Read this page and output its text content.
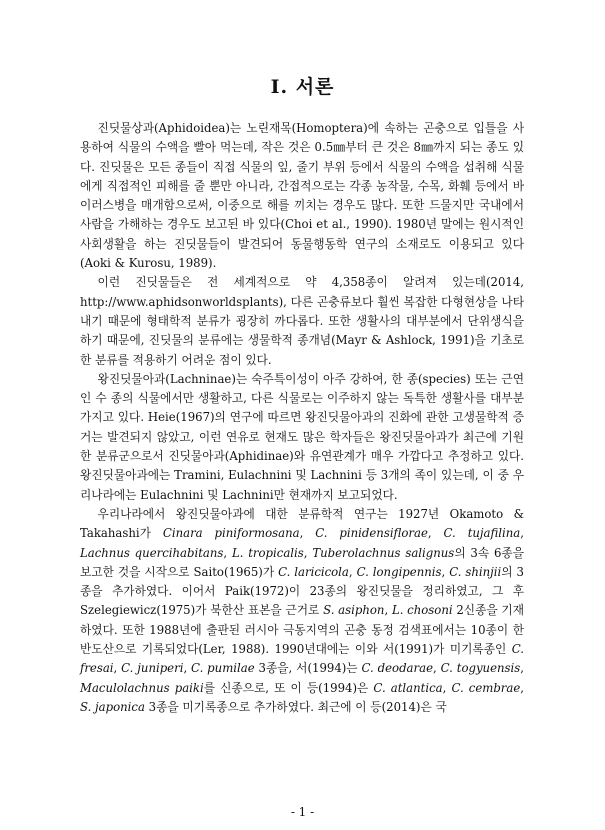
I. 서론

진딧물상과(Aphidoidea)는 노린재목(Homoptera)에 속하는 곤충으로 입틀을 사용하여 식물의 수액을 빨아 먹는데, 작은 것은 0.5㎜부터 큰 것은 8㎜까지 되는 종도 있다. 진딧물은 모든 종들이 직접 식물의 잎, 줄기 부위 등에서 식물의 수액을 섭취해 식물에게 직접적인 피해를 줄 뿐만 아니라, 간접적으로는 각종 농작물, 수목, 화훼 등에서 바이러스병을 매개함으로써, 이중으로 해를 끼치는 경우도 많다. 또한 드물지만 국내에서 사람을 가해하는 경우도 보고된 바 있다(Choi et al., 1990). 1980년 말에는 원시적인 사회생활을 하는 진딧물들이 발견되어 동물행동학 연구의 소재로도 이용되고 있다(Aoki & Kurosu, 1989).

이런 진딧물들은 전 세계적으로 약 4,358종이 알려져 있는데(2014, http://www.aphidsonworldsplants), 다른 곤충류보다 훨씬 복잡한 다형현상을 나타내기 때문에 형태학적 분류가 굉장히 까다롭다. 또한 생활사의 대부분에서 단위생식을 하기 때문에, 진딧물의 분류에는 생물학적 종개념(Mayr & Ashlock, 1991)을 기초로 한 분류를 적용하기 어려운 점이 있다.

왕진딧물아과(Lachninae)는 숙주특이성이 아주 강하여, 한 종(species) 또는 근연인 수 종의 식물에서만 생활하고, 다른 식물로는 이주하지 않는 독특한 생활사를 대부분 가지고 있다. Heie(1967)의 연구에 따르면 왕진딧물아과의 진화에 관한 고생물학적 증거는 발견되지 않았고, 이런 연유로 현재도 많은 학자들은 왕진딧물아과가 최근에 기원한 분류군으로서 진딧물아과(Aphidinae)와 유연관계가 매우 가깝다고 추정하고 있다. 왕진딧물아과에는 Tramini, Eulachnini 및 Lachnini 등 3개의 족이 있는데, 이 중 우리나라에는 Eulachnini 및 Lachnini만 현재까지 보고되었다.

우리나라에서 왕진딧물아과에 대한 분류학적 연구는 1927년 Okamoto & Takahashi가 Cinara piniformosana, C. pinidensiflorae, C. tujafilina, Lachnus quercihabitans, L. tropicalis, Tuberolachnus salignus의 3속 6종을 보고한 것을 시작으로 Saito(1965)가 C. laricicola, C. longipennis, C. shinjii의 3종을 추가하였다. 이어서 Paik(1972)이 23종의 왕진딧물을 정리하였고, 그 후 Szelegiewicz(1975)가 북한산 표본을 근거로 S. asiphon, L. chosoni 2신종을 기재하였다. 또한 1988년에 출판된 러시아 극동지역의 곤충 동정 검색표에서는 10종이 한반도산으로 기록되었다(Ler, 1988). 1990년대에는 이와 서(1991)가 미기록종인 C. fresai, C. juniperi, C. pumilae 3종을, 서(1994)는 C. deodarae, C. togyuensis, Maculolachnus paiki를 신종으로, 또 이 등(1994)은 C. atlantica, C. cembrae, S. japonica 3종을 미기록종으로 추가하였다. 최근에 이 등(2014)은 국

- 1 -
